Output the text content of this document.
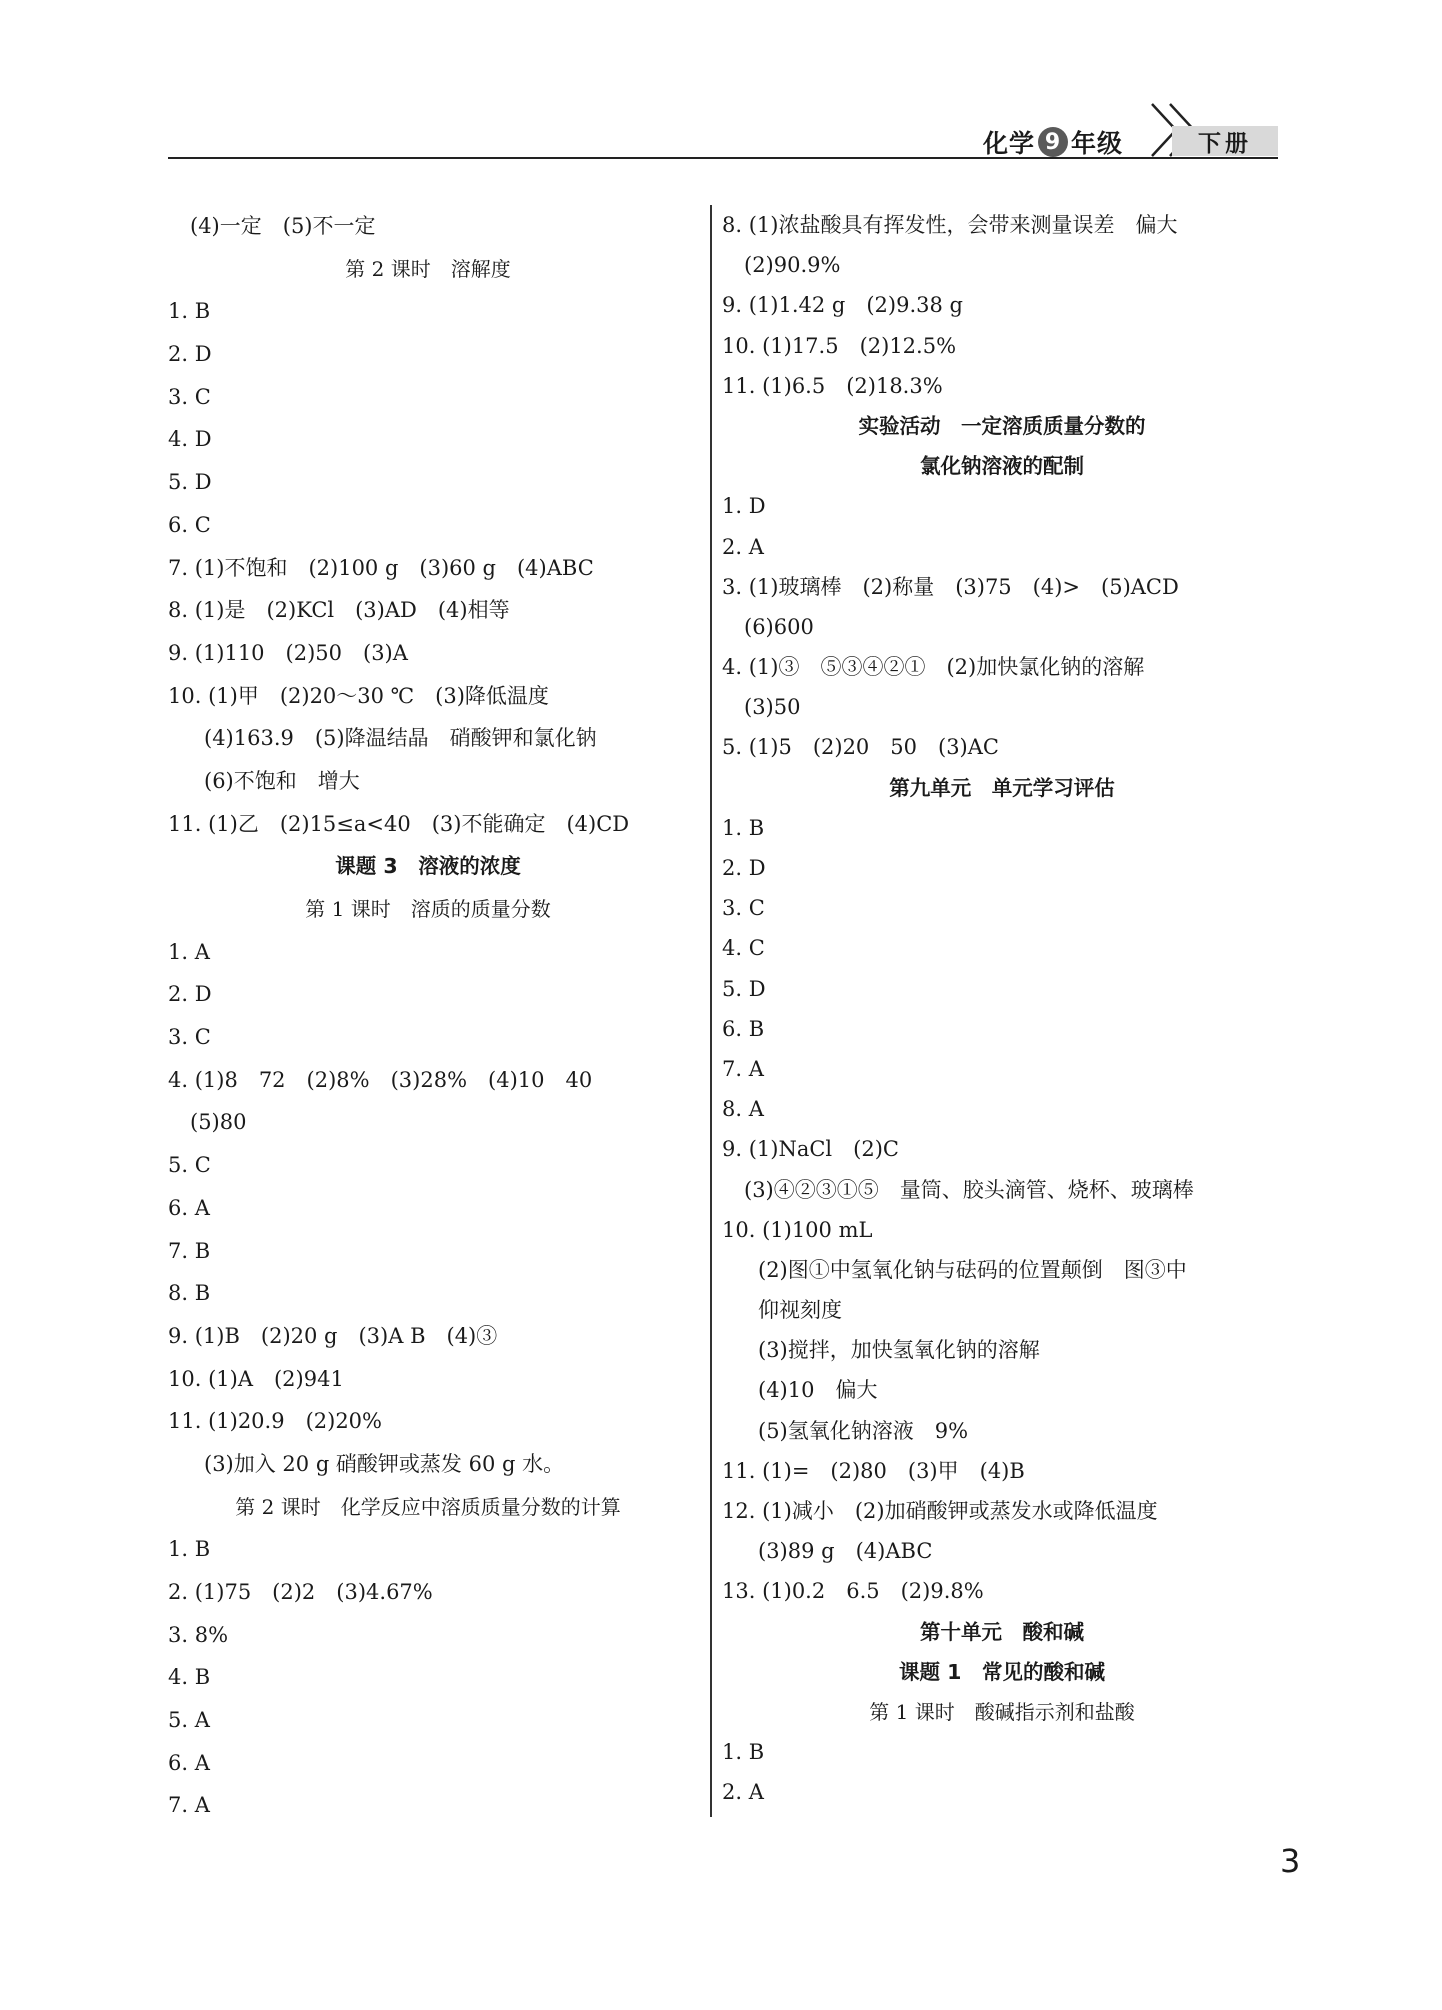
化学 9 年级	下册
(4)一定　(5)不一定
第 2 课时　溶解度
1. B
2. D
3. C
4. D
5. D
6. C
7. (1)不饱和　(2)100 g　(3)60 g　(4)ABC
8. (1)是　(2)KCl　(3)AD　(4)相等
9. (1)110　(2)50　(3)A
10. (1)甲　(2)20～30 ℃　(3)降低温度
(4)163.9　(5)降温结晶　硝酸钾和氯化钠
(6)不饱和　增大
11. (1)乙　(2)15≤a<40　(3)不能确定　(4)CD
课题 3　溶液的浓度
第 1 课时　溶质的质量分数
1. A
2. D
3. C
4. (1)8　72　(2)8%　(3)28%　(4)10　40
(5)80
5. C
6. A
7. B
8. B
9. (1)B　(2)20 g　(3)A B　(4)③
10. (1)A　(2)941
11. (1)20.9　(2)20%
(3)加入 20 g 硝酸钾或蒸发 60 g 水。
第 2 课时　化学反应中溶质质量分数的计算
1. B
2. (1)75　(2)2　(3)4.67%
3. 8%
4. B
5. A
6. A
7. A
8. (1)浓盐酸具有挥发性，会带来测量误差　偏大
(2)90.9%
9. (1)1.42 g　(2)9.38 g
10. (1)17.5　(2)12.5%
11. (1)6.5　(2)18.3%
实验活动　一定溶质质量分数的
氯化钠溶液的配制
1. D
2. A
3. (1)玻璃棒　(2)称量　(3)75　(4)>　(5)ACD
(6)600
4. (1)③　⑤③④②①　(2)加快氯化钠的溶解
(3)50
5. (1)5　(2)20　50　(3)AC
第九单元　单元学习评估
1. B
2. D
3. C
4. C
5. D
6. B
7. A
8. A
9. (1)NaCl　(2)C
(3)④②③①⑤　量筒、胶头滴管、烧杯、玻璃棒
10. (1)100 mL
(2)图①中氢氧化钠与砝码的位置颠倒　图③中
仰视刻度
(3)搅拌，加快氢氧化钠的溶解
(4)10　偏大
(5)氢氧化钠溶液　9%
11. (1)=　(2)80　(3)甲　(4)B
12. (1)减小　(2)加硝酸钾或蒸发水或降低温度
(3)89 g　(4)ABC
13. (1)0.2　6.5　(2)9.8%
第十单元　酸和碱
课题 1　常见的酸和碱
第 1 课时　酸碱指示剂和盐酸
1. B
2. A
3
